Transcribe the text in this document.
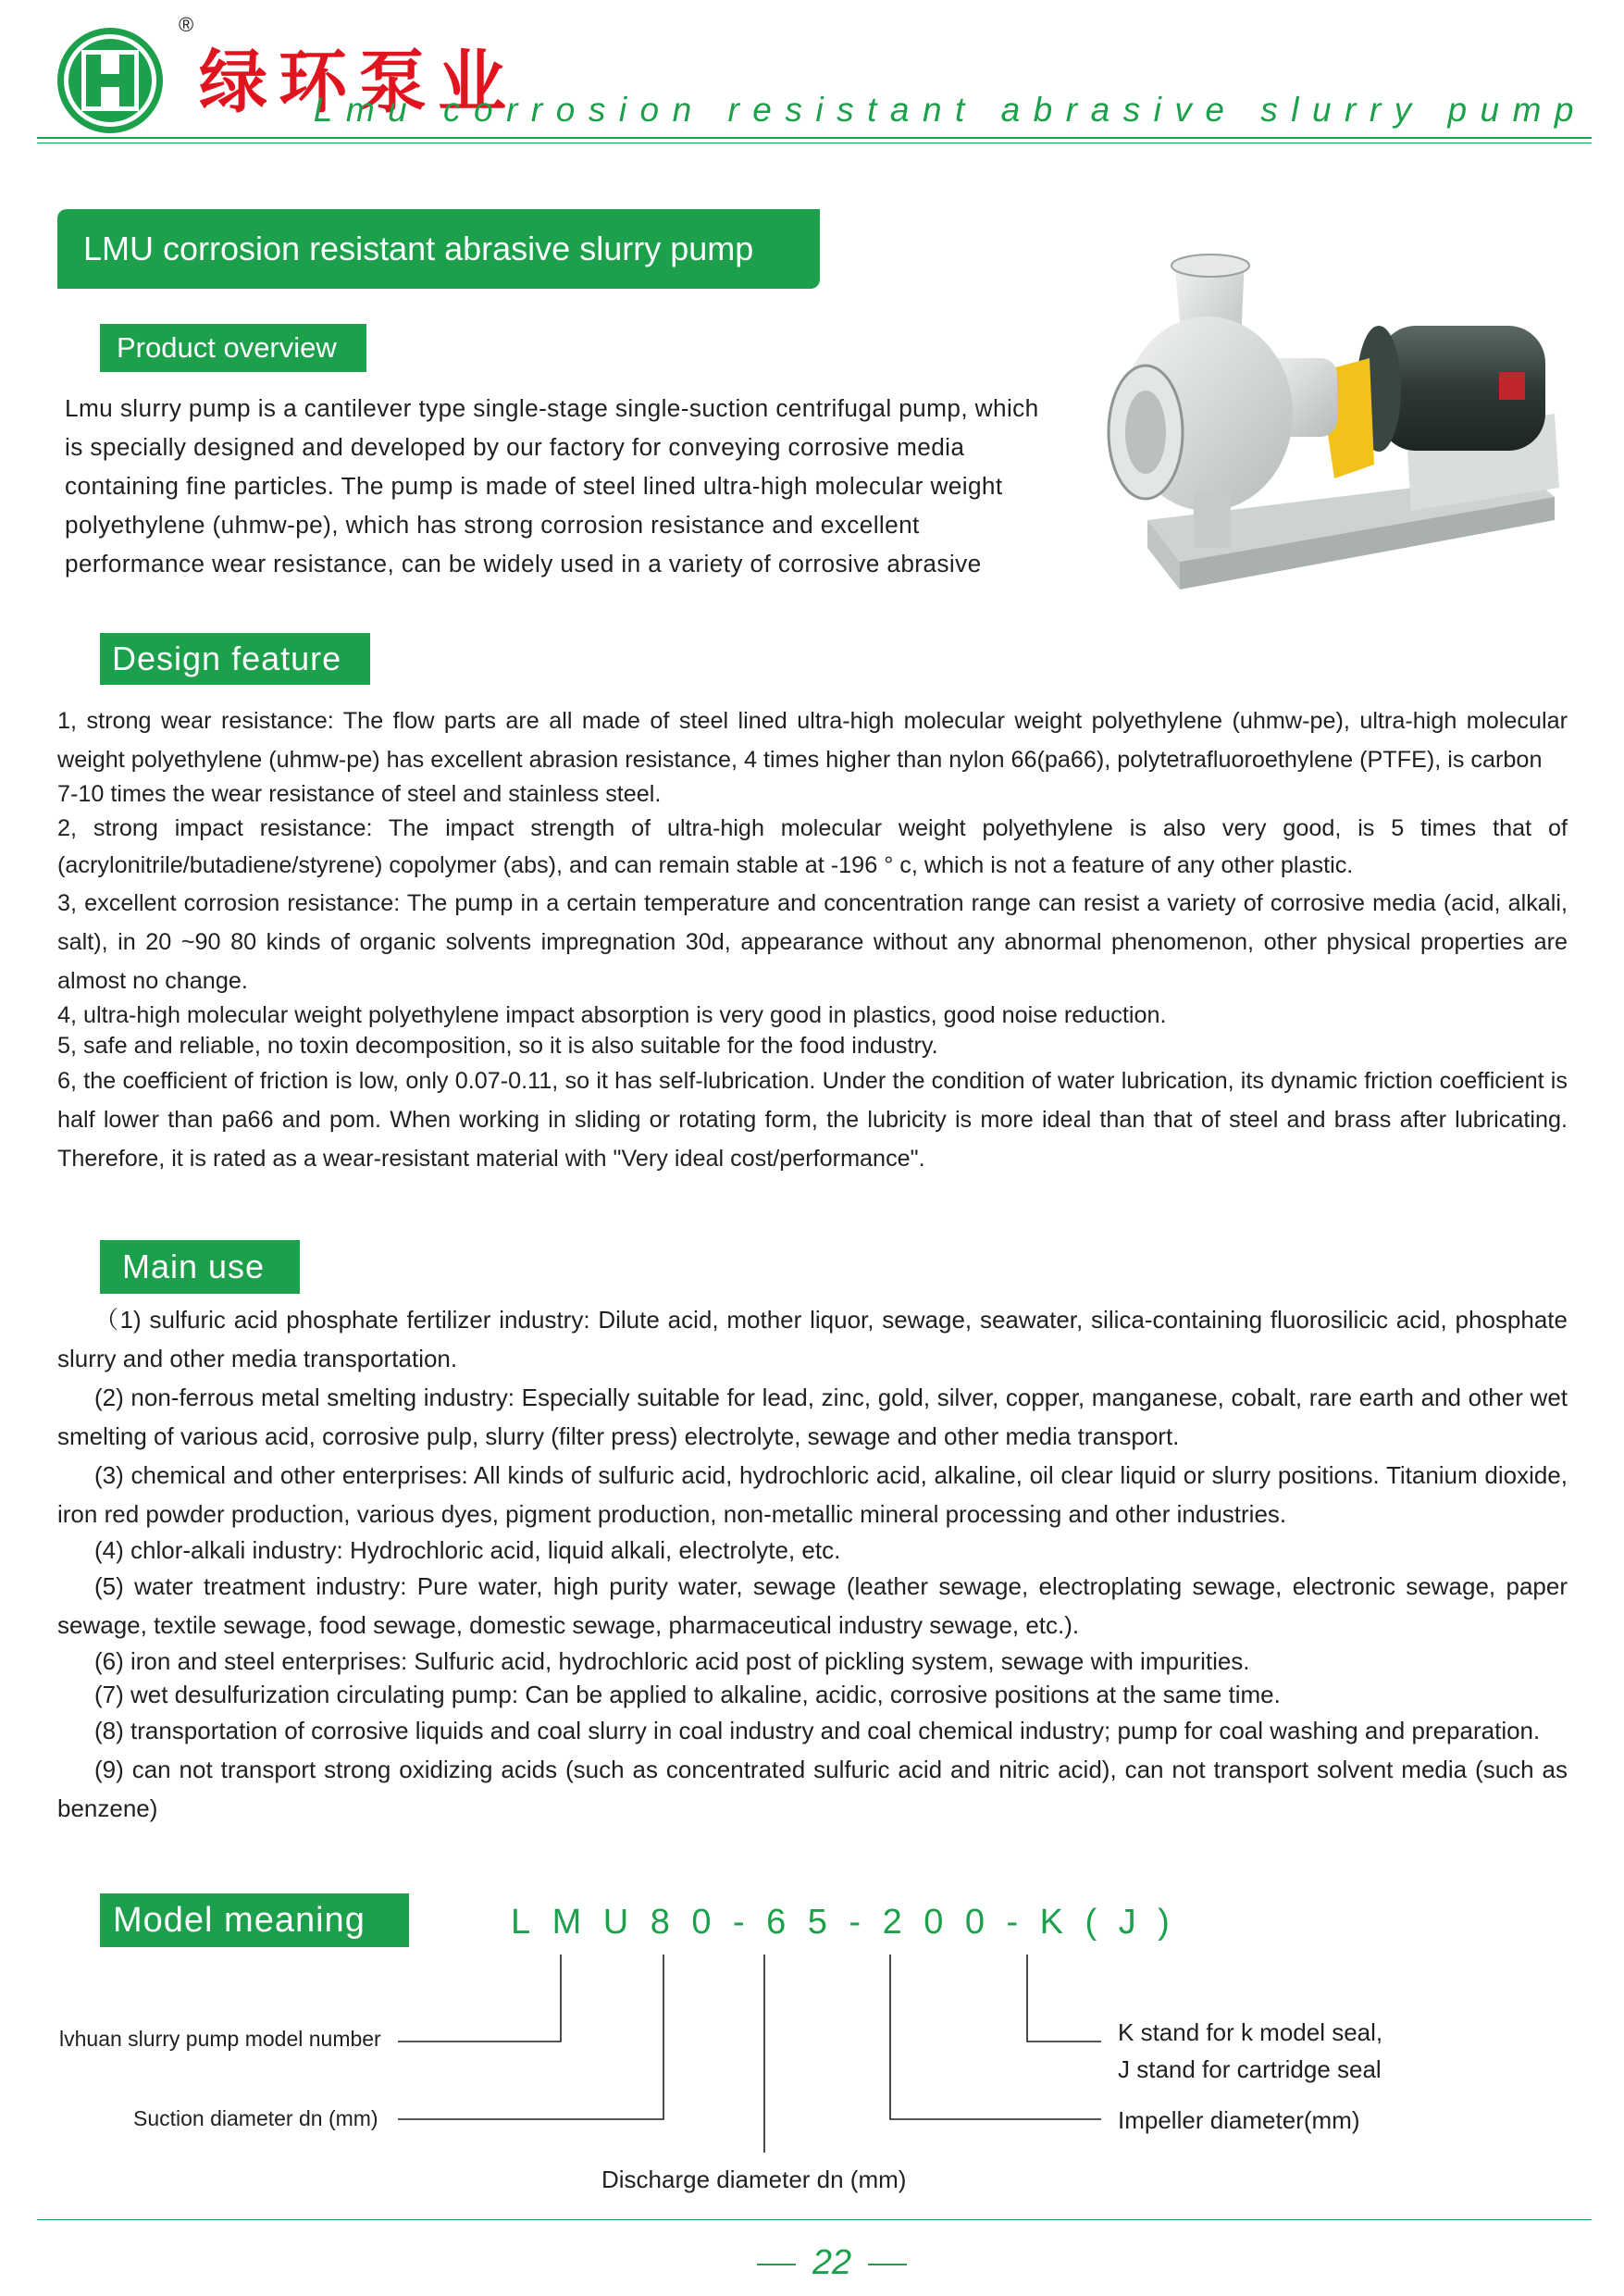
®
绿环泵业
Lmu corrosion resistant abrasive slurry pump
LMU corrosion resistant abrasive slurry pump
Product overview

Lmu slurry pump is a cantilever type single-stage single-suction centrifugal pump, which

is specially designed and developed by our factory for conveying corrosive media

containing fine particles. The pump is made of steel lined ultra-high molecular weight

polyethylene (uhmw-pe), which has strong corrosion resistance and excellent

performance wear resistance, can be widely used in a variety of corrosive abrasive

Design feature
1, strong wear resistance: The flow parts are all made of steel lined ultra-high molecular weight polyethylene (uhmw-pe), ultra-high molecular weight polyethylene (uhmw-pe) has excellent abrasion resistance, 4 times higher than nylon 66(pa66), polytetrafluoroethylene (PTFE), is carbon
7-10 times the wear resistance of steel and stainless steel.
2, strong impact resistance: The impact strength of ultra-high molecular weight polyethylene is also very good, is 5 times that of (acrylonitrile/butadiene/styrene) copolymer (abs), and can remain stable at -196 ° c, which is not a feature of any other plastic.
3, excellent corrosion resistance: The pump in a certain temperature and concentration range can resist a variety of corrosive media (acid, alkali, salt), in 20 ~90 80 kinds of organic solvents impregnation 30d, appearance without any abnormal phenomenon, other physical properties are almost no change.
4, ultra-high molecular weight polyethylene impact absorption is very good in plastics, good noise reduction.
5, safe and reliable, no toxin decomposition, so it is also suitable for the food industry.
6, the coefficient of friction is low, only 0.07-0.11, so it has self-lubrication. Under the condition of water lubrication, its dynamic friction coefficient is half lower than pa66 and pom. When working in sliding or rotating form, the lubricity is more ideal than that of steel and brass after lubricating. Therefore, it is rated as a wear-resistant material with "Very ideal cost/performance".
Main use
（1) sulfuric acid phosphate fertilizer industry: Dilute acid, mother liquor, sewage, seawater, silica-containing fluorosilicic acid, phosphate slurry and other media transportation.
(2) non-ferrous metal smelting industry: Especially suitable for lead, zinc, gold, silver, copper, manganese, cobalt, rare earth and other wet smelting of various acid, corrosive pulp, slurry (filter press) electrolyte, sewage and other media transport.
(3) chemical and other enterprises: All kinds of sulfuric acid, hydrochloric acid, alkaline, oil clear liquid or slurry positions. Titanium dioxide, iron red powder production, various dyes, pigment production, non-metallic mineral processing and other industries.
(4) chlor-alkali industry: Hydrochloric acid, liquid alkali, electrolyte, etc.
(5) water treatment industry: Pure water, high purity water, sewage (leather sewage, electroplating sewage, electronic sewage, paper sewage, textile sewage, food sewage, domestic sewage, pharmaceutical industry sewage, etc.).
(6) iron and steel enterprises: Sulfuric acid, hydrochloric acid post of pickling system, sewage with impurities.
(7) wet desulfurization circulating pump: Can be applied to alkaline, acidic, corrosive positions at the same time.
(8) transportation of corrosive liquids and coal slurry in coal industry and coal chemical industry; pump for coal washing and preparation.
(9) can not transport strong oxidizing acids (such as concentrated sulfuric acid and nitric acid), can not transport solvent media (such as benzene)
Model meaning	LMU80-65-200-K(J)
lvhuan slurry pump model number
Suction diameter dn (mm)
Discharge diameter dn (mm)
K stand for k model seal,
J stand for cartridge seal
Impeller diameter(mm)
22
